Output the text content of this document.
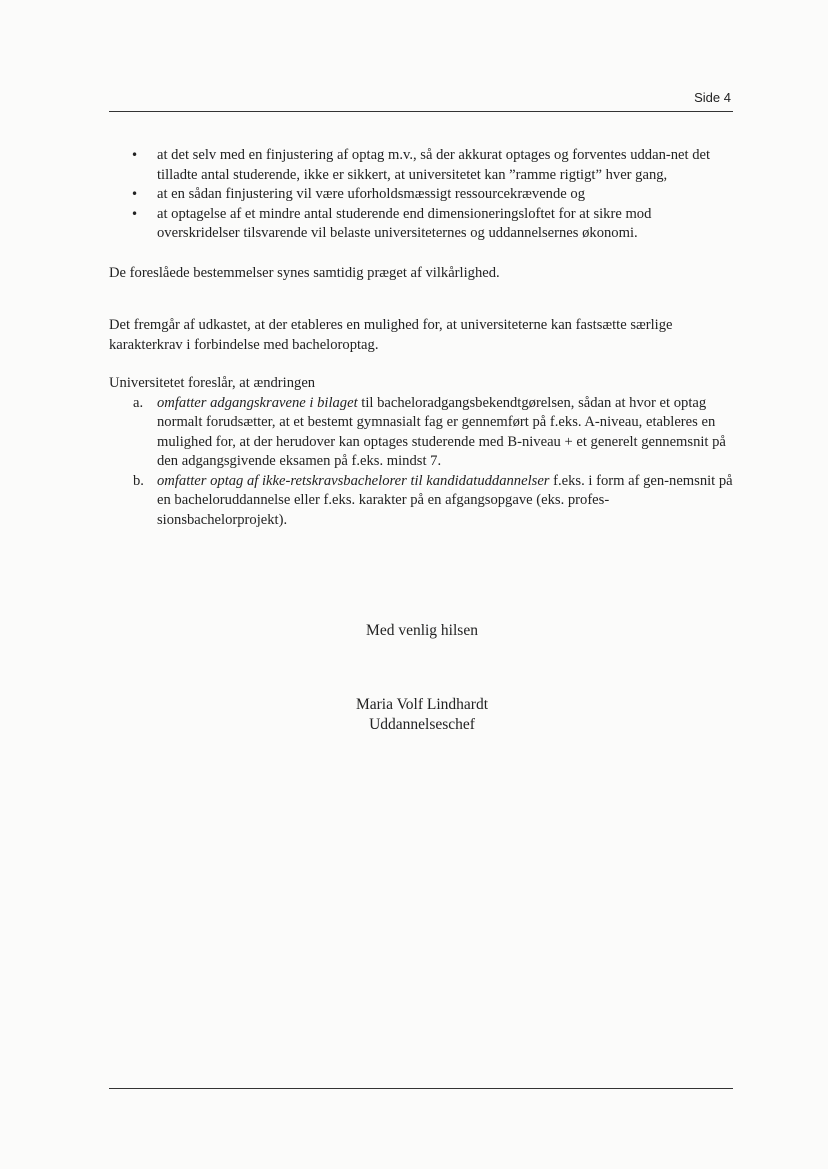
Side 4
• at det selv med en finjustering af optag m.v., så der akkurat optages og forventes uddan-net det tilladte antal studerende, ikke er sikkert, at universitetet kan ”ramme rigtigt” hver gang,
• at en sådan finjustering vil være uforholdsmæssigt ressourcekrævende og
• at optagelse af et mindre antal studerende end dimensioneringsloftet for at sikre mod overskridelser tilsvarende vil belaste universiteternes og uddannelsernes økonomi.

De foreslåede bestemmelser synes samtidig præget af vilkårlighed.

Det fremgår af udkastet, at der etableres en mulighed for, at universiteterne kan fastsætte særlige karakterkrav i forbindelse med bacheloroptag.

Universitetet foreslår, at ændringen

a. omfatter adgangskravene i bilaget til bacheloradgangsbekendtgørelsen, sådan at hvor et optag normalt forudsætter, at et bestemt gymnasialt fag er gennemført på f.eks. A-niveau, etableres en mulighed for, at der herudover kan optages studerende med B-niveau + et generelt gennemsnit på den adgangsgivende eksamen på f.eks. mindst 7.
b. omfatter optag af ikke-retskravsbachelorer til kandidatuddannelser f.eks. i form af gen-nemsnit på en bacheloruddannelse eller f.eks. karakter på en afgangsopgave (eks. profes-sionsbachelorprojekt).
Med venlig hilsen
Maria Volf Lindhardt
Uddannelseschef
